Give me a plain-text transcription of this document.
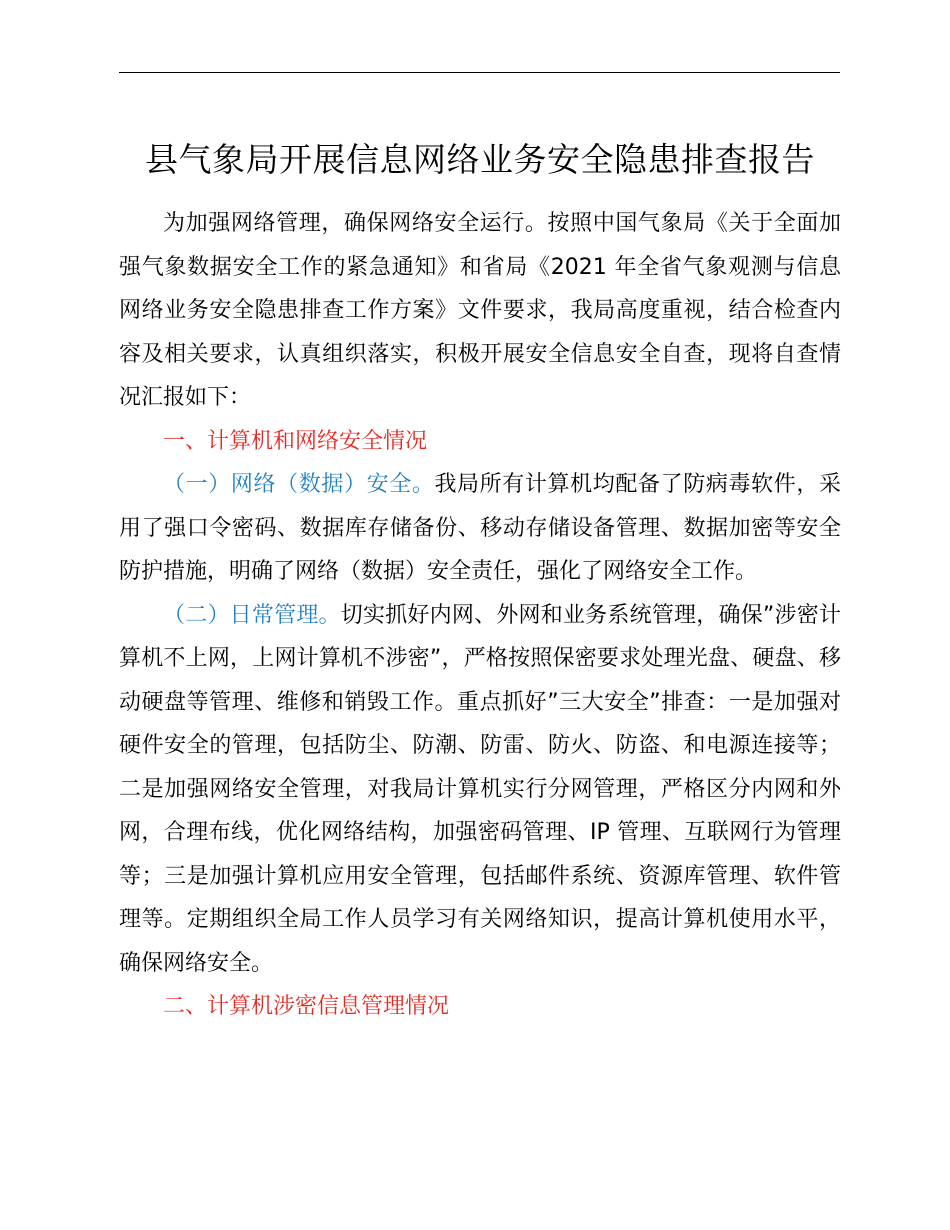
县气象局开展信息网络业务安全隐患排查报告

为加强网络管理，确保网络安全运行。按照中国气象局《关于全面加强气象数据安全工作的紧急通知》和省局《2021 年全省气象观测与信息网络业务安全隐患排查工作方案》文件要求，我局高度重视，结合检查内容及相关要求，认真组织落实，积极开展安全信息安全自查，现将自查情况汇报如下：

一、计算机和网络安全情况

（一）网络（数据）安全。我局所有计算机均配备了防病毒软件，采用了强口令密码、数据库存储备份、移动存储设备管理、数据加密等安全防护措施，明确了网络（数据）安全责任，强化了网络安全工作。

（二）日常管理。切实抓好内网、外网和业务系统管理，确保”涉密计算机不上网，上网计算机不涉密”，严格按照保密要求处理光盘、硬盘、移动硬盘等管理、维修和销毁工作。重点抓好”三大安全”排查：一是加强对硬件安全的管理，包括防尘、防潮、防雷、防火、防盗、和电源连接等；二是加强网络安全管理，对我局计算机实行分网管理，严格区分内网和外网，合理布线，优化网络结构，加强密码管理、IP 管理、互联网行为管理等；三是加强计算机应用安全管理，包括邮件系统、资源库管理、软件管理等。定期组织全局工作人员学习有关网络知识，提高计算机使用水平，确保网络安全。

二、计算机涉密信息管理情况
